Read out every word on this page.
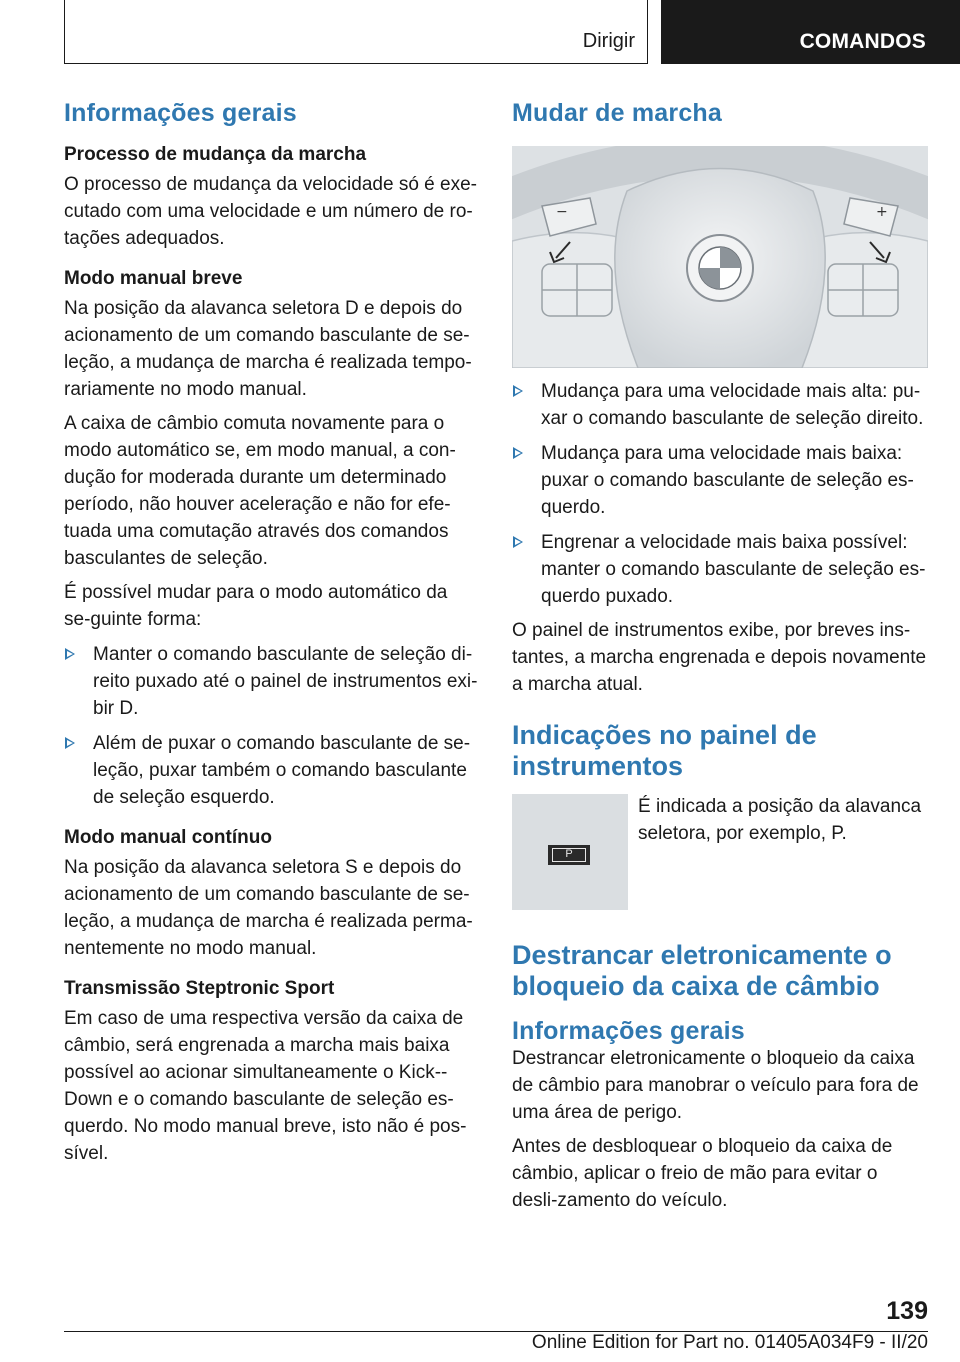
Dirigir	COMANDOS
Informações gerais
Processo de mudança da marcha

O processo de mudança da velocidade só é exe-cutado com uma velocidade e um número de ro-tações adequados.

Modo manual breve

Na posição da alavanca seletora D e depois do acionamento de um comando basculante de se-leção, a mudança de marcha é realizada tempo-rariamente no modo manual.

A caixa de câmbio comuta novamente para o modo automático se, em modo manual, a con-dução for moderada durante um determinado período, não houver aceleração e não for efe-tuada uma comutação através dos comandos basculantes de seleção.

É possível mudar para o modo automático da se-guinte forma:

Manter o comando basculante de seleção di-reito puxado até o painel de instrumentos exi-bir D.
Além de puxar o comando basculante de se-leção, puxar também o comando basculante de seleção esquerdo.
Modo manual contínuo

Na posição da alavanca seletora S e depois do acionamento de um comando basculante de se-leção, a mudança de marcha é realizada perma-nentemente no modo manual.

Transmissão Steptronic Sport

Em caso de uma respectiva versão da caixa de câmbio, será engrenada a marcha mais baixa possível ao acionar simultaneamente o Kick--Down e o comando basculante de seleção es-querdo. No modo manual breve, isto não é pos-sível.

Mudar de marcha
−	+
Mudança para uma velocidade mais alta: pu-xar o comando basculante de seleção direito.
Mudança para uma velocidade mais baixa: puxar o comando basculante de seleção es-querdo.
Engrenar a velocidade mais baixa possível: manter o comando basculante de seleção es-querdo puxado.

O painel de instrumentos exibe, por breves ins-tantes, a marcha engrenada e depois novamente a marcha atual.

Indicações no painel de instrumentos
P

É indicada a posição da alavanca seletora, por exemplo, P.

Destrancar eletronicamente o bloqueio da caixa de câmbio
Informações gerais

Destrancar eletronicamente o bloqueio da caixa de câmbio para manobrar o veículo para fora de uma área de perigo.

Antes de desbloquear o bloqueio da caixa de câmbio, aplicar o freio de mão para evitar o desli-zamento do veículo.

139
Online Edition for Part no. 01405A034F9 - II/20
